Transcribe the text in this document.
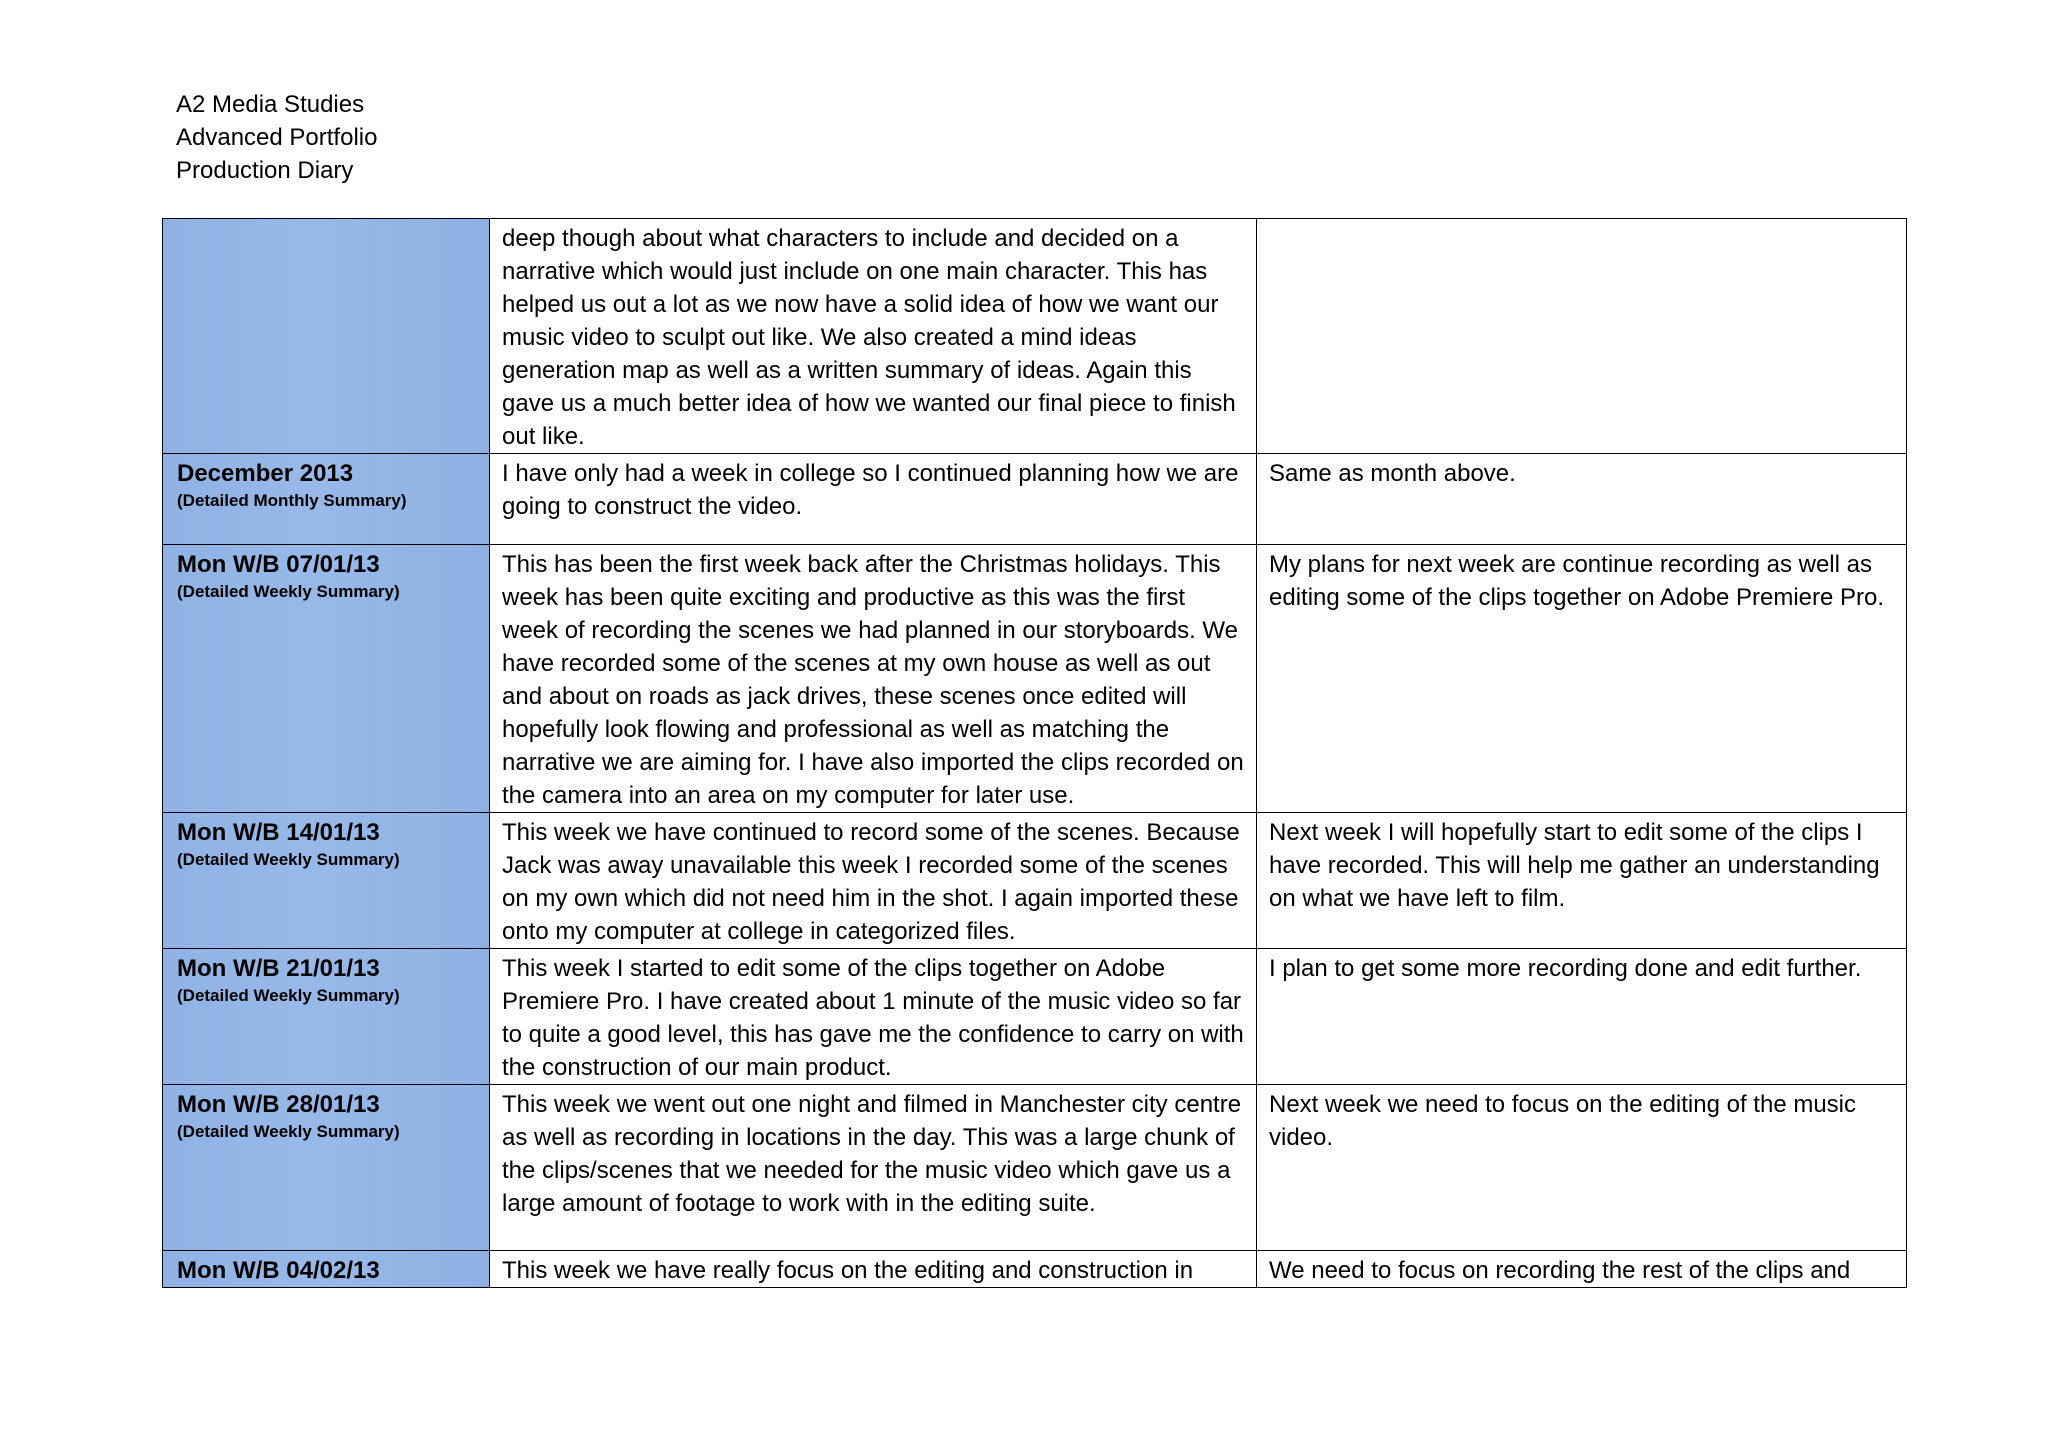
A2 Media Studies
Advanced Portfolio
Production Diary

	deep though about what characters to include and decided on a narrative which would just include on one main character. This has helped us out a lot as we now have a solid idea of how we want our music video to sculpt out like. We also created a mind ideas generation map as well as a written summary of ideas. Again this gave us a much better idea of how we wanted our final piece to finish out like.	

December 2013
(Detailed Monthly Summary)	I have only had a week in college so I continued planning how we are going to construct the video.	Same as month above.

Mon W/B 07/01/13
(Detailed Weekly Summary)	This has been the first week back after the Christmas holidays. This week has been quite exciting and productive as this was the first week of recording the scenes we had planned in our storyboards. We have recorded some of the scenes at my own house as well as out and about on roads as jack drives, these scenes once edited will hopefully look flowing and professional as well as matching the narrative we are aiming for. I have also imported the clips recorded on the camera into an area on my computer for later use.	My plans for next week are continue recording as well as editing some of the clips together on Adobe Premiere Pro.

Mon W/B 14/01/13
(Detailed Weekly Summary)	This week we have continued to record some of the scenes. Because Jack was away unavailable this week I recorded some of the scenes on my own which did not need him in the shot. I again imported these onto my computer at college in categorized files.	Next week I will hopefully start to edit some of the clips I have recorded. This will help me gather an understanding on what we have left to film.

Mon W/B 21/01/13
(Detailed Weekly Summary)	This week I started to edit some of the clips together on Adobe Premiere Pro. I have created about 1 minute of the music video so far to quite a good level, this has gave me the confidence to carry on with the construction of our main product.	I plan to get some more recording done and edit further.

Mon W/B 28/01/13
(Detailed Weekly Summary)	This week we went out one night and filmed in Manchester city centre as well as recording in locations in the day. This was a large chunk of the clips/scenes that we needed for the music video which gave us a large amount of footage to work with in the editing suite.	Next week we need to focus on the editing of the music video.

Mon W/B 04/02/13	This week we have really focus on the editing and construction in	We need to focus on recording the rest of the clips and
